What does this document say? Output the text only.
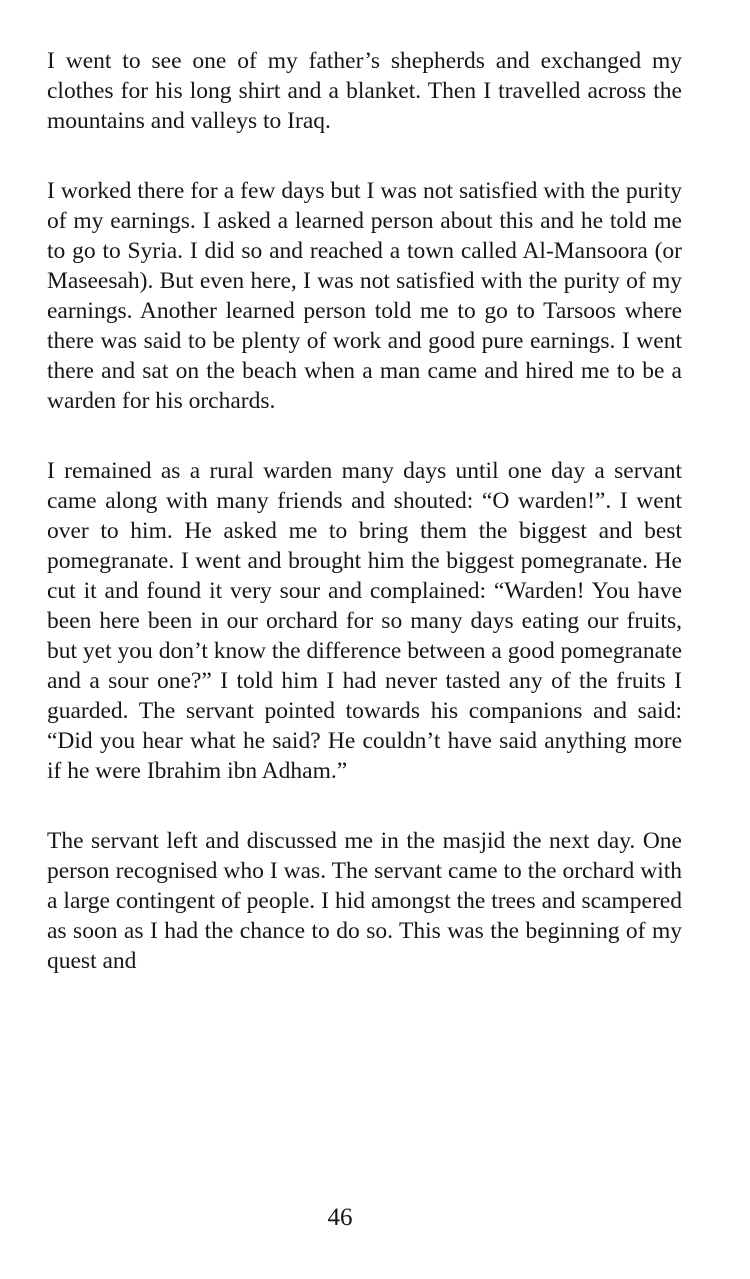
I went to see one of my father’s shepherds and exchanged my clothes for his long shirt and a blanket. Then I travelled across the mountains and valleys to Iraq.

I worked there for a few days but I was not satisfied with the purity of my earnings. I asked a learned person about this and he told me to go to Syria. I did so and reached a town called Al-Mansoora (or Maseesah). But even here, I was not satisfied with the purity of my earnings. Another learned person told me to go to Tarsoos where there was said to be plenty of work and good pure earnings. I went there and sat on the beach when a man came and hired me to be a warden for his orchards.

I remained as a rural warden many days until one day a servant came along with many friends and shouted: “O warden!”. I went over to him. He asked me to bring them the biggest and best pomegranate. I went and brought him the biggest pomegranate. He cut it and found it very sour and complained: “Warden! You have been here been in our orchard for so many days eating our fruits, but yet you don’t know the difference between a good pomegranate and a sour one?” I told him I had never tasted any of the fruits I guarded. The servant pointed towards his companions and said: “Did you hear what he said? He couldn’t have said anything more if he were Ibrahim ibn Adham.”

The servant left and discussed me in the masjid the next day. One person recognised who I was. The servant came to the orchard with a large contingent of people. I hid amongst the trees and scampered as soon as I had the chance to do so. This was the beginning of my quest and

46
